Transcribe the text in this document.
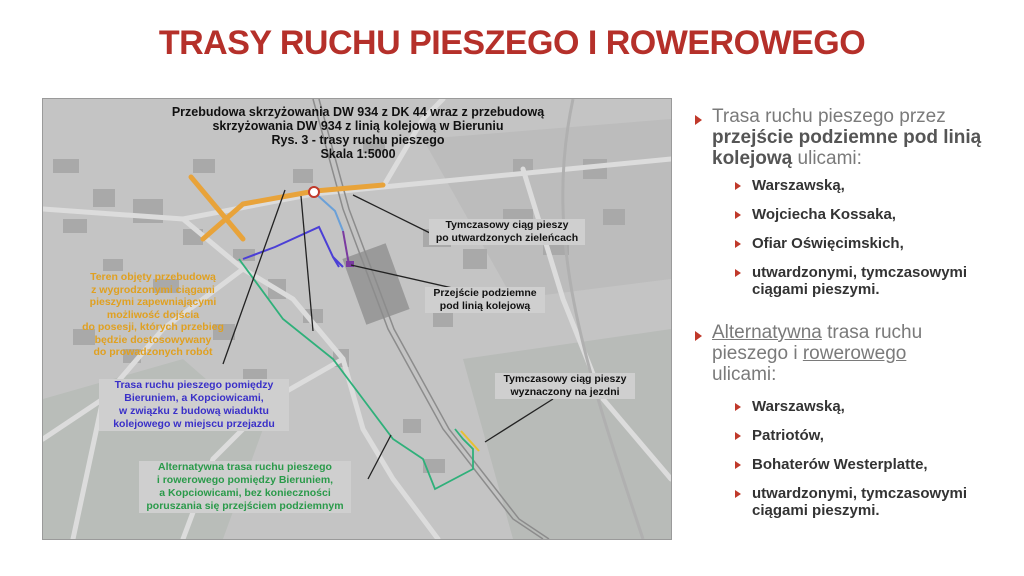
TRASY RUCHU PIESZEGO I ROWEROWEGO
Przebudowa skrzyżowania DW 934 z DK 44 wraz z przebudową
skrzyżowania DW 934 z linią kolejową w Bieruniu
Rys. 3 - trasy ruchu pieszego
Skala 1:5000
Tymczasowy ciąg pieszy
po utwardzonych zieleńcach
Przejście podziemne
pod linią kolejową
Tymczasowy ciąg pieszy
wyznaczony na jezdni
Teren objęty przebudową
z wygrodzonymi ciągami
pieszymi zapewniającymi
możliwość dojścia
do posesji, których przebieg
będzie dostosowywany
do prowadzonych robót
Trasa ruchu pieszego pomiędzy
Bieruniem, a Kopciowicami,
w związku z budową wiaduktu
kolejowego w miejscu przejazdu
Alternatywna trasa ruchu pieszego
i rowerowego pomiędzy Bieruniem,
a Kopciowicami, bez konieczności
poruszania się przejściem podziemnym
Trasa ruchu pieszego przez przejście podziemne pod linią kolejową ulicami:
Warszawską,
Wojciecha Kossaka,
Ofiar Oświęcimskich,
utwardzonymi, tymczasowymi ciągami pieszymi.
Alternatywna trasa ruchu pieszego i rowerowego ulicami:
Warszawską,
Patriotów,
Bohaterów Westerplatte,
utwardzonymi, tymczasowymi ciągami pieszymi.
